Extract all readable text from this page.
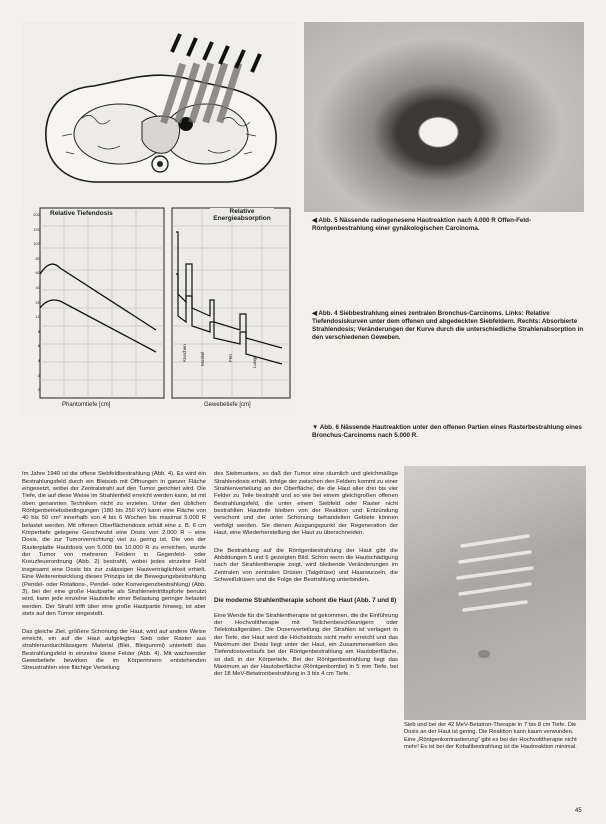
Relative Tiefendosis
Phantomtiefe [cm]
200
150
100
80
60
40
20
10
8
6
4
2
0
Relative Energieabsorption
Gewebetiefe [cm]
Knochen	Muskel	Fett	Lunge
◀ Abb. 5 Nässende radiogenesene Hautreaktion nach 4.000 R Offen-Feld-Röntgenbestrahlung einer gynäkologischen Carcinoma.
◀ Abb. 4 Siebbestrahlung eines zentralen Bronchus-Carcinoms. Links: Relative Tiefendosiskurven unter dem offenen und abgedeckten Siebfeldern. Rechts: Absorbierte Strahlendosis; Veränderungen der Kurve durch die unterschiedliche Strahlenabsorption in den verschiedenen Geweben.
▼ Abb. 6 Nässende Hautreaktion unter den offenen Partien eines Rasterbestrahlung eines Bronchus-Carcinoms nach 5.000 R.

Im Jahre 1940 ist die offene Siebfeldbestrahlung (Abb. 4). Es wird ein Bestrahlungsfeld durch ein Bleisieb mit Öffnungen in ganzer Fläche eingesetzt, wobei der Zentralstrahl auf den Tumor gerichtet wird. Die Tiefe, die auf diese Weise im Strahlenfeld erreicht werden kann, ist mit oben genannten Techniken nicht zu erzielen. Unter den üblichen Röntgenbetriebsbedingungen (180 bis 250 kV) kann eine Fläche von 40 bis 50 cm² innerhalb von 4 bis 6 Wochen bis maximal 5.000 R belastet werden. Mit offenen Oberflächendosis erhält eine z. B. 6 cm Körpertiefe gelegene Geschwulst eine Dosis von 2.000 R – eine Dosis, die zur Tumorvernichtung viel zu gering ist. Die von der Rasterplatte Hautdosis von 5.000 bis 10.000 R zu erreichen, wurde der Tumor von mehreren Feldern in Gegenfeld- oder Kreuzfeuerordnung (Abb. 2) bestrahlt, wobei jedes einzelne Feld insgesamt eine Dosis bis zur zulässigen Hautverträglichkeit erhielt. Eine Weiterentwicklung dieses Prinzips ist die Bewegungsbestrahlung (Pendel- oder Rotations-, Pendel- oder Konvergenzbestrahlung) (Abb. 3), bei der eine große Hautpartie als Strahleneintrittspforte benutzt wird, kann jede einzelne Hautstelle einer Belastung geringer belastet werden. Der Strahl trifft über eine große Hautpartie hinweg, ist aber stets auf den Tumor eingestellt.

Das gleiche Ziel, größere Schonung der Haut, wird auf andere Weise erreicht, ein auf die Haut aufgelegtes Sieb oder Raster aus strahlenundurchlässigem Material (Blei, Bleigummi) unterteilt das Bestrahlungsfeld in einzelne kleine Felder (Abb. 4). Mit wachsender Gewebetiefe bewirken die im Körperinnern entstehenden Streustrahlen eine flächige Verteilung

des Siebmusters, so daß der Tumor eine räumlich und gleichmäßige Strahlendosis erhält. Infolge der zwischen den Feldern kommt zu einer Strahlenverteilung an der Oberfläche, die die Haut aller drei bis vier Felder zu Teile bestrahlt und so wie bei einem gleichgroßen offenen Bestrahlungsfeld, die unter einem Siebfeld oder Raster nicht bestrahlten Hautteile bleiben von der Reaktion und Entzündung verschont und der unter Schonung behandelten Gebiete können verfolgt werden. Sie dienen Ausgangspunkt der Regeneration der Haut, eine Wiederherstellung der Haut zu überschneiden.

Die Bestrahlung auf die Röntgenbestrahlung der Haut gibt die Abbildungen 5 und 6 gezeigten Bild. Schon wenn die Hautschädigung nach der Strahlentherapie zeigt, wird bleibende Veränderungen im Zentralen von zentralen Drüsen (Talgdrüse) und Haarwurzeln, die Schweißdrüsen und die Folge der Bestrahlung unterbinden.

Die moderne Strahlentherapie schont die Haut (Abb. 7 und 8)

Eine Wende für die Strahlentherapie ist gekommen, die die Einführung der Hochvolttherapie mit Teilchenbeschleunigern oder Telekobaltgeräten. Die Dosenverteilung der Strahlen ist verlagert in der Tiefe, der Haut wird die Höchstdosis nicht mehr erreicht und das Maximum der Dosis liegt unter der Haut, ein Zusammenwirken des Tiefendosisverlaufs bei der Röntgenbestrahlung am Hautoberfläche, so daß in der Körpertiefe. Bei der Röntgenbestrahlung liegt das Maximum an der Hautoberfläche (Röntgenbombe) in 5 mm Tiefe, bei der 18 MeV-Betatronbestrahlung in 3 bis 4 cm Tiefe.

Sieb und bei der 42 MeV-Betatron-Therapie in 7 bis 8 cm Tiefe. Die Dosis an der Haut ist gering. Die Reaktion kann kaum verwunden. Eine „Röntgenkontrastierung“ gibt es bei der Hochvolttherapie nicht mehr! Es ist bei der Kobaltbestrahlung ist die Hautreaktion minimal.
45
